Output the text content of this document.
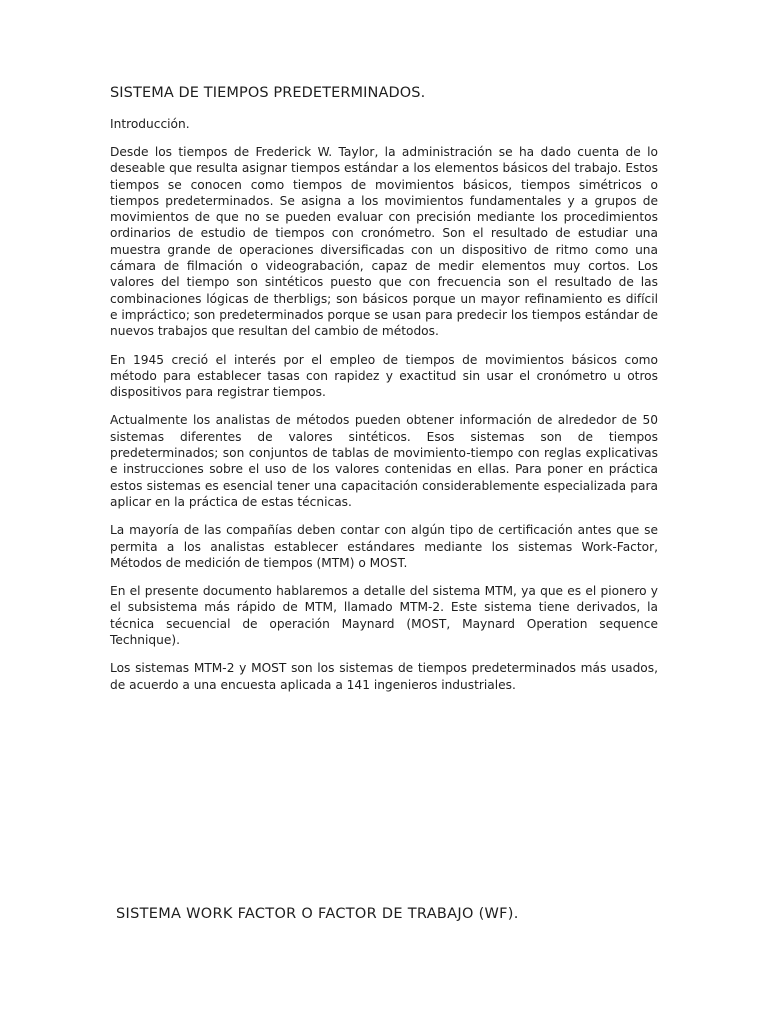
SISTEMA DE TIEMPOS PREDETERMINADOS.

Introducción.

Desde los tiempos de Frederick W. Taylor, la administración se ha dado cuenta de lo deseable que resulta asignar tiempos estándar a los elementos básicos del trabajo. Estos tiempos se conocen como tiempos de movimientos básicos, tiempos simétricos o tiempos predeterminados. Se asigna a los movimientos fundamentales y a grupos de movimientos de que no se pueden evaluar con precisión mediante los procedimientos ordinarios de estudio de tiempos con cronómetro. Son el resultado de estudiar una muestra grande de operaciones diversificadas con un dispositivo de ritmo como una cámara de filmación o videograbación, capaz de medir elementos muy cortos. Los valores del tiempo son sintéticos puesto que con frecuencia son el resultado de las combinaciones lógicas de therbligs; son básicos porque un mayor refinamiento es difícil e impráctico; son predeterminados porque se usan para predecir los tiempos estándar de nuevos trabajos que resultan del cambio de métodos.

En 1945 creció el interés por el empleo de tiempos de movimientos básicos como método para establecer tasas con rapidez y exactitud sin usar el cronómetro u otros dispositivos para registrar tiempos.

Actualmente los analistas de métodos pueden obtener información de alrededor de 50 sistemas diferentes de valores sintéticos. Esos sistemas son de tiempos predeterminados; son conjuntos de tablas de movimiento-tiempo con reglas explicativas e instrucciones sobre el uso de los valores contenidas en ellas. Para poner en práctica estos sistemas es esencial tener una capacitación considerablemente especializada para aplicar en la práctica de estas técnicas.

La mayoría de las compañías deben contar con algún tipo de certificación antes que se permita a los analistas establecer estándares mediante los sistemas Work-Factor, Métodos de medición de tiempos (MTM) o MOST.

En el presente documento hablaremos a detalle del sistema MTM, ya que es el pionero y el subsistema más rápido de MTM, llamado MTM-2. Este sistema tiene derivados, la técnica secuencial de operación Maynard (MOST, Maynard Operation sequence Technique).

Los sistemas MTM-2 y MOST son los sistemas de tiempos predeterminados más usados, de acuerdo a una encuesta aplicada a 141 ingenieros industriales.

SISTEMA WORK FACTOR O FACTOR DE TRABAJO (WF).
